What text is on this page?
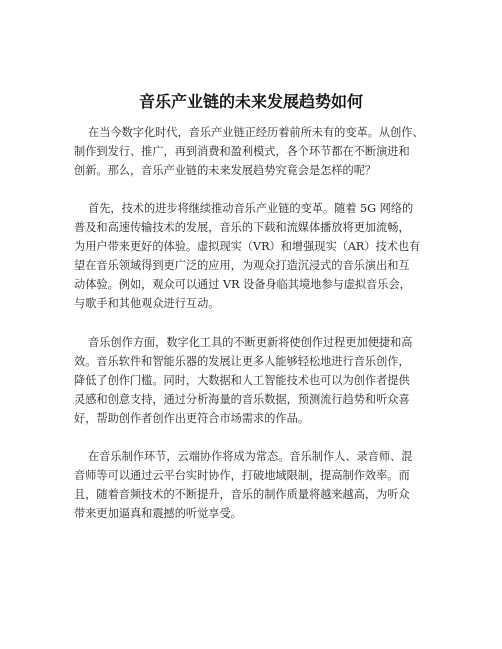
音乐产业链的未来发展趋势如何
在当今数字化时代，音乐产业链正经历着前所未有的变革。从创作、
制作到发行、推广，再到消费和盈利模式，各个环节都在不断演进和
创新。那么，音乐产业链的未来发展趋势究竟会是怎样的呢？
首先，技术的进步将继续推动音乐产业链的变革。随着 5G 网络的
普及和高速传输技术的发展，音乐的下载和流媒体播放将更加流畅，
为用户带来更好的体验。虚拟现实（VR）和增强现实（AR）技术也有
望在音乐领域得到更广泛的应用，为观众打造沉浸式的音乐演出和互
动体验。例如，观众可以通过 VR 设备身临其境地参与虚拟音乐会，
与歌手和其他观众进行互动。
音乐创作方面，数字化工具的不断更新将使创作过程更加便捷和高
效。音乐软件和智能乐器的发展让更多人能够轻松地进行音乐创作，
降低了创作门槛。同时，大数据和人工智能技术也可以为创作者提供
灵感和创意支持，通过分析海量的音乐数据，预测流行趋势和听众喜
好，帮助创作者创作出更符合市场需求的作品。
在音乐制作环节，云端协作将成为常态。音乐制作人、录音师、混
音师等可以通过云平台实时协作，打破地域限制，提高制作效率。而
且，随着音频技术的不断提升，音乐的制作质量将越来越高，为听众
带来更加逼真和震撼的听觉享受。
